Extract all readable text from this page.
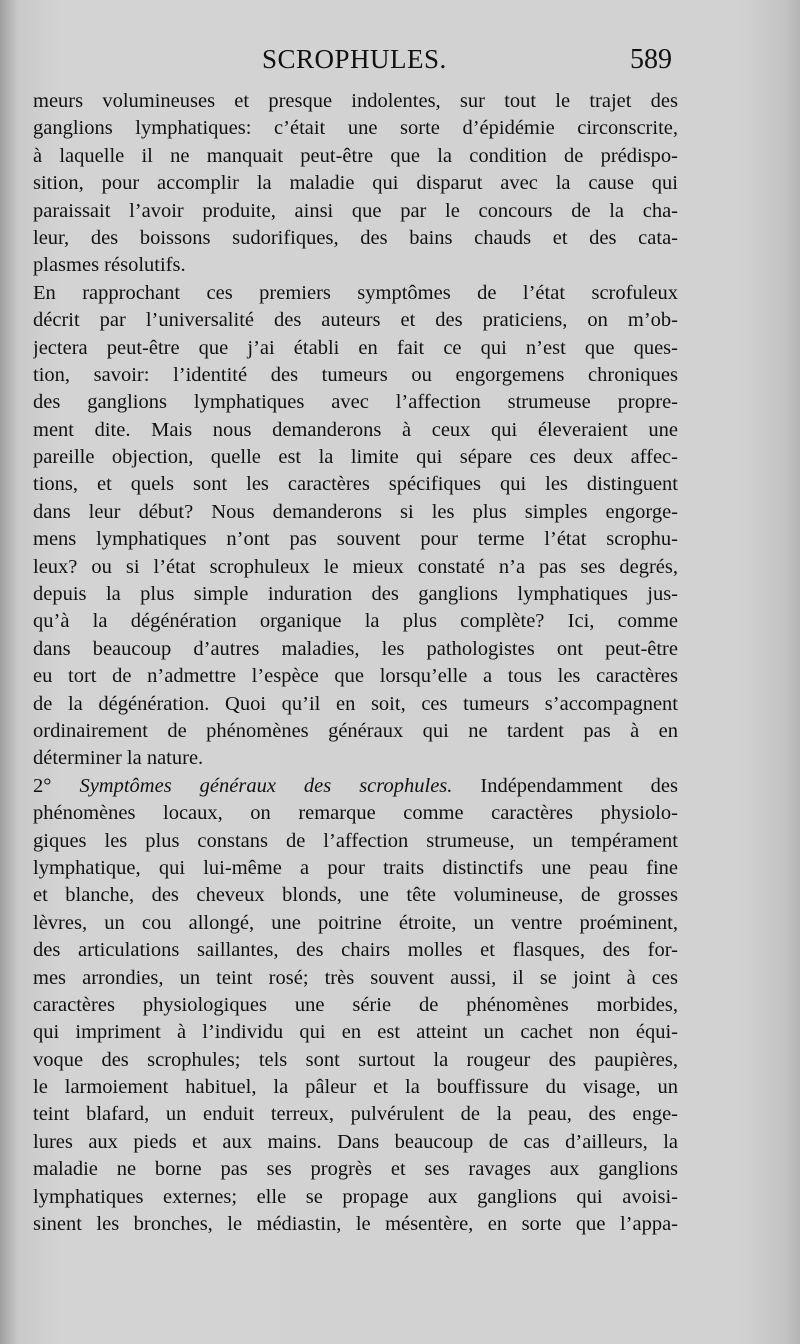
SCROPHULES.	589
meurs volumineuses et presque indolentes, sur tout le trajet des
ganglions lymphatiques: c’était une sorte d’épidémie circonscrite,
à laquelle il ne manquait peut-être que la condition de prédispo-
sition, pour accomplir la maladie qui disparut avec la cause qui
paraissait l’avoir produite, ainsi que par le concours de la cha-
leur, des boissons sudorifiques, des bains chauds et des cata-
plasmes résolutifs.
En rapprochant ces premiers symptômes de l’état scrofuleux
décrit par l’universalité des auteurs et des praticiens, on m’ob-
jectera peut-être que j’ai établi en fait ce qui n’est que ques-
tion, savoir: l’identité des tumeurs ou engorgemens chroniques
des ganglions lymphatiques avec l’affection strumeuse propre-
ment dite. Mais nous demanderons à ceux qui éleveraient une
pareille objection, quelle est la limite qui sépare ces deux affec-
tions, et quels sont les caractères spécifiques qui les distinguent
dans leur début? Nous demanderons si les plus simples engorge-
mens lymphatiques n’ont pas souvent pour terme l’état scrophu-
leux? ou si l’état scrophuleux le mieux constaté n’a pas ses degrés,
depuis la plus simple induration des ganglions lymphatiques jus-
qu’à la dégénération organique la plus complète? Ici, comme
dans beaucoup d’autres maladies, les pathologistes ont peut-être
eu tort de n’admettre l’espèce que lorsqu’elle a tous les caractères
de la dégénération. Quoi qu’il en soit, ces tumeurs s’accompagnent
ordinairement de phénomènes généraux qui ne tardent pas à en
déterminer la nature.
2° Symptômes généraux des scrophules. Indépendamment des
phénomènes locaux, on remarque comme caractères physiolo-
giques les plus constans de l’affection strumeuse, un tempérament
lymphatique, qui lui-même a pour traits distinctifs une peau fine
et blanche, des cheveux blonds, une tête volumineuse, de grosses
lèvres, un cou allongé, une poitrine étroite, un ventre proéminent,
des articulations saillantes, des chairs molles et flasques, des for-
mes arrondies, un teint rosé; très souvent aussi, il se joint à ces
caractères physiologiques une série de phénomènes morbides,
qui impriment à l’individu qui en est atteint un cachet non équi-
voque des scrophules; tels sont surtout la rougeur des paupières,
le larmoiement habituel, la pâleur et la bouffissure du visage, un
teint blafard, un enduit terreux, pulvérulent de la peau, des enge-
lures aux pieds et aux mains. Dans beaucoup de cas d’ailleurs, la
maladie ne borne pas ses progrès et ses ravages aux ganglions
lymphatiques externes; elle se propage aux ganglions qui avoisi-
sinent les bronches, le médiastin, le mésentère, en sorte que l’appa-
